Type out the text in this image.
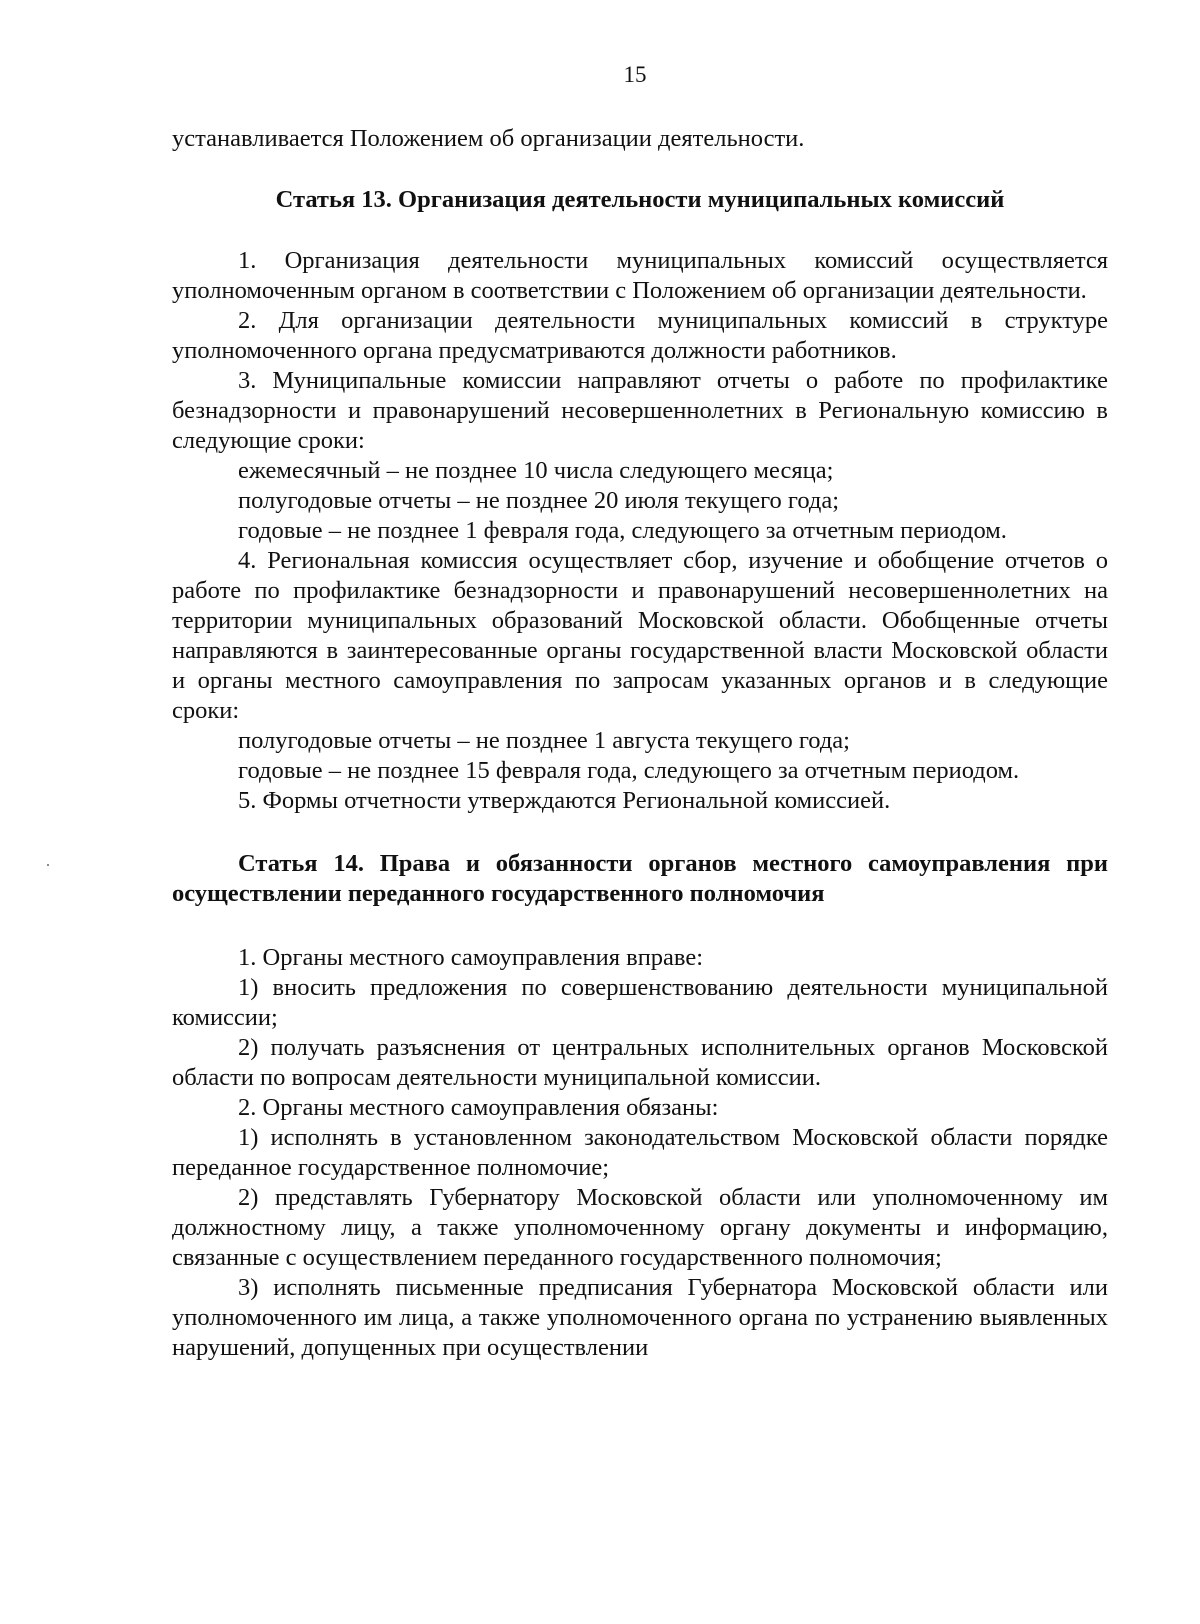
15

устанавливается Положением об организации деятельности.

Статья 13. Организация деятельности муниципальных комиссий

1. Организация деятельности муниципальных комиссий осуществляется уполномоченным органом в соответствии с Положением об организации деятельности.

2. Для организации деятельности муниципальных комиссий в структуре уполномоченного органа предусматриваются должности работников.

3. Муниципальные комиссии направляют отчеты о работе по профилактике безнадзорности и правонарушений несовершеннолетних в Региональную комиссию в следующие сроки:

ежемесячный – не позднее 10 числа следующего месяца;

полугодовые отчеты – не позднее 20 июля текущего года;

годовые – не позднее 1 февраля года, следующего за отчетным периодом.

4. Региональная комиссия осуществляет сбор, изучение и обобщение отчетов о работе по профилактике безнадзорности и правонарушений несовершеннолетних на территории муниципальных образований Московской области. Обобщенные отчеты направляются в заинтересованные органы государственной власти Московской области и органы местного самоуправления по запросам указанных органов и в следующие сроки:

полугодовые отчеты – не позднее 1 августа текущего года;

годовые – не позднее 15 февраля года, следующего за отчетным периодом.

5. Формы отчетности утверждаются Региональной комиссией.

Статья 14. Права и обязанности органов местного самоуправления при осуществлении переданного государственного полномочия

1. Органы местного самоуправления вправе:

1) вносить предложения по совершенствованию деятельности муниципальной комиссии;

2) получать разъяснения от центральных исполнительных органов Московской области по вопросам деятельности муниципальной комиссии.

2. Органы местного самоуправления обязаны:

1) исполнять в установленном законодательством Московской области порядке переданное государственное полномочие;

2) представлять Губернатору Московской области или уполномоченному им должностному лицу, а также уполномоченному органу документы и информацию, связанные с осуществлением переданного государственного полномочия;

3) исполнять письменные предписания Губернатора Московской области или уполномоченного им лица, а также уполномоченного органа по устранению выявленных нарушений, допущенных при осуществлении
